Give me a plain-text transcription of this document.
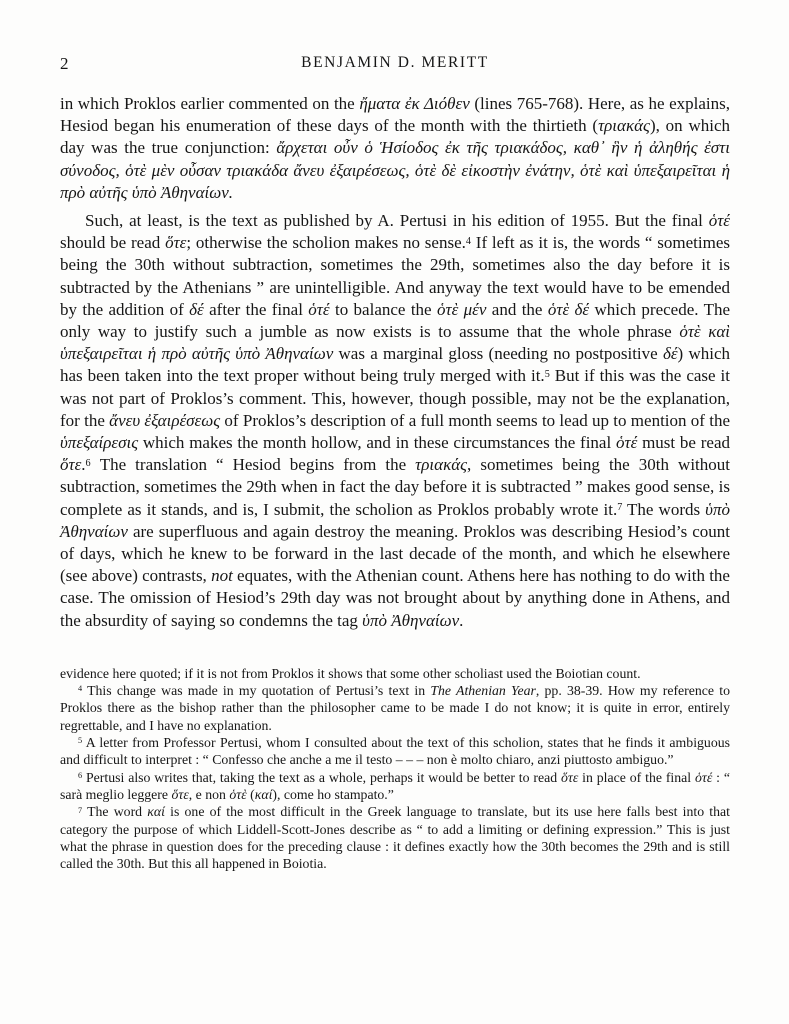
2	BENJAMIN D. MERITT

in which Proklos earlier commented on the ἤματα ἐκ Διόθεν (lines 765-768). Here, as he explains, Hesiod began his enumeration of these days of the month with the thirtieth (τριακάς), on which day was the true conjunction: ἄρχεται οὖν ὁ Ἡσίοδος ἐκ τῆς τριακάδος, καθ᾽ ἣν ἡ ἀληθής ἐστι σύνοδος, ὁτὲ μὲν οὖσαν τριακάδα ἄνευ ἐξαιρέσεως, ὁτὲ δὲ εἰκοστὴν ἐνάτην, ὁτὲ καὶ ὑπεξαιρεῖται ἡ πρὸ αὐτῆς ὑπὸ Ἀθηναίων.

Such, at least, is the text as published by A. Pertusi in his edition of 1955. But the final ὁτέ should be read ὅτε; otherwise the scholion makes no sense.$^4$ If left as it is, the words “ sometimes being the 30th without subtraction, sometimes the 29th, sometimes also the day before it is subtracted by the Athenians ” are unintelligible. And anyway the text would have to be emended by the addition of δέ after the final ὁτέ to balance the ὁτὲ μέν and the ὁτὲ δέ which precede. The only way to justify such a jumble as now exists is to assume that the whole phrase ὁτὲ καὶ ὑπεξαιρεῖται ἡ πρὸ αὐτῆς ὑπὸ Ἀθηναίων was a marginal gloss (needing no postpositive δέ) which has been taken into the text proper without being truly merged with it.$^5$ But if this was the case it was not part of Proklos’s comment. This, however, though possible, may not be the explanation, for the ἄνευ ἐξαιρέσεως of Proklos’s description of a full month seems to lead up to mention of the ὑπεξαίρεσις which makes the month hollow, and in these circumstances the final ὁτέ must be read ὅτε.$^6$ The translation “ Hesiod begins from the τριακάς, sometimes being the 30th without subtraction, sometimes the 29th when in fact the day before it is subtracted ” makes good sense, is complete as it stands, and is, I submit, the scholion as Proklos probably wrote it.$^7$ The words ὑπὸ Ἀθηναίων are superfluous and again destroy the meaning. Proklos was describing Hesiod’s count of days, which he knew to be forward in the last decade of the month, and which he elsewhere (see above) contrasts, not equates, with the Athenian count. Athens here has nothing to do with the case. The omission of Hesiod’s 29th day was not brought about by anything done in Athens, and the absurdity of saying so condemns the tag ὑπὸ Ἀθηναίων.

evidence here quoted; if it is not from Proklos it shows that some other scholiast used the Boiotian count.

$^4$ This change was made in my quotation of Pertusi’s text in The Athenian Year, pp. 38-39. How my reference to Proklos there as the bishop rather than the philosopher came to be made I do not know; it is quite in error, entirely regrettable, and I have no explanation.

$^5$ A letter from Professor Pertusi, whom I consulted about the text of this scholion, states that he finds it ambiguous and difficult to interpret : “ Confesso che anche a me il testo – – – non è molto chiaro, anzi piuttosto ambiguo.”

$^6$ Pertusi also writes that, taking the text as a whole, perhaps it would be better to read ὅτε in place of the final ὁτέ : “ sarà meglio leggere ὅτε, e non ὁτὲ (καί), come ho stampato.”

$^7$ The word καί is one of the most difficult in the Greek language to translate, but its use here falls best into that category the purpose of which Liddell-Scott-Jones describe as “ to add a limiting or defining expression.” This is just what the phrase in question does for the preceding clause : it defines exactly how the 30th becomes the 29th and is still called the 30th. But this all happened in Boiotia.
